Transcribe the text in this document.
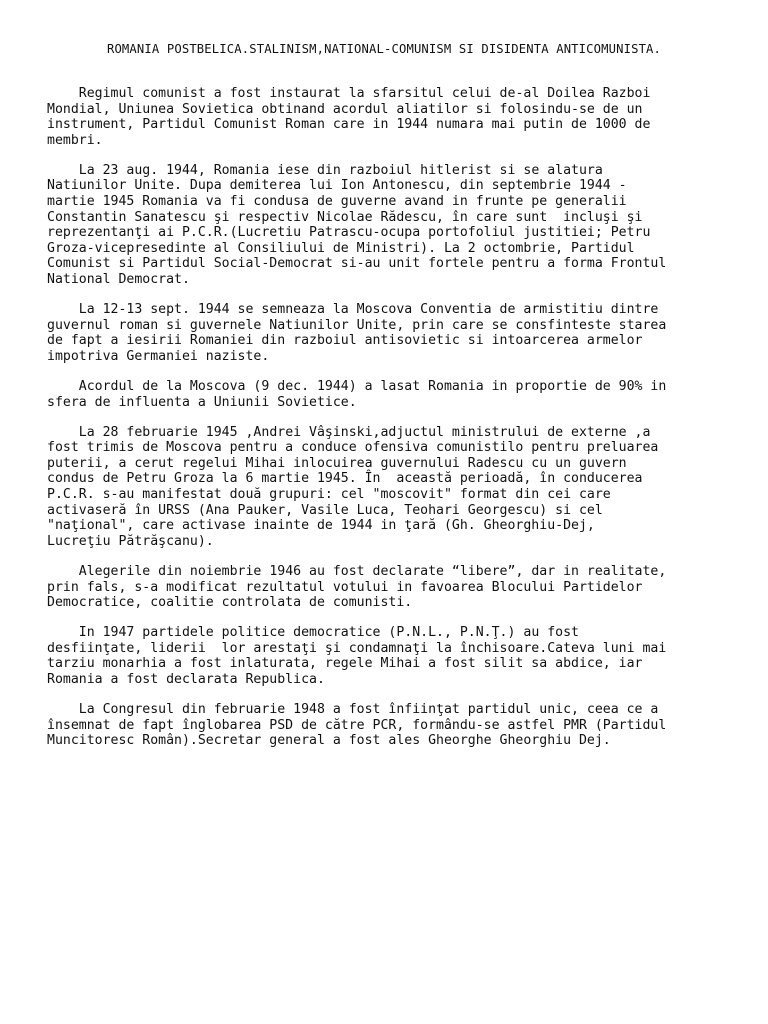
ROMANIA POSTBELICA.STALINISM,NATIONAL-COMUNISM SI DISIDENTA ANTICOMUNISTA.

Regimul comunist a fost instaurat la sfarsitul celui de-al Doilea Razboi
Mondial, Uniunea Sovietica obtinand acordul aliatilor si folosindu-se de un
instrument, Partidul Comunist Roman care in 1944 numara mai putin de 1000 de
membri.

La 23 aug. 1944, Romania iese din razboiul hitlerist si se alatura
Natiunilor Unite. Dupa demiterea lui Ion Antonescu, din septembrie 1944 -
martie 1945 Romania va fi condusa de guverne avand in frunte pe generalii
Constantin Sanatescu şi respectiv Nicolae Rădescu, în care sunt  incluşi şi
reprezentanţi ai P.C.R.(Lucretiu Patrascu-ocupa portofoliul justitiei; Petru
Groza-vicepresedinte al Consiliului de Ministri). La 2 octombrie, Partidul
Comunist si Partidul Social-Democrat si-au unit fortele pentru a forma Frontul
National Democrat.

La 12-13 sept. 1944 se semneaza la Moscova Conventia de armistitiu dintre
guvernul roman si guvernele Natiunilor Unite, prin care se consfinteste starea
de fapt a iesirii Romaniei din razboiul antisovietic si intoarcerea armelor
impotriva Germaniei naziste.

Acordul de la Moscova (9 dec. 1944) a lasat Romania in proportie de 90% in
sfera de influenta a Uniunii Sovietice.

La 28 februarie 1945 ,Andrei Vâşinski,adjuctul ministrului de externe ,a
fost trimis de Moscova pentru a conduce ofensiva comunistilo pentru preluarea
puterii, a cerut regelui Mihai inlocuirea guvernului Radescu cu un guvern
condus de Petru Groza la 6 martie 1945. În  această perioadă, în conducerea
P.C.R. s-au manifestat două grupuri: cel "moscovit" format din cei care
activaseră în URSS (Ana Pauker, Vasile Luca, Teohari Georgescu) si cel
"naţional", care activase inainte de 1944 in ţară (Gh. Gheorghiu-Dej,
Lucreţiu Pătrăşcanu).

Alegerile din noiembrie 1946 au fost declarate “libere”, dar in realitate,
prin fals, s-a modificat rezultatul votului in favoarea Blocului Partidelor
Democratice, coalitie controlata de comunisti.

In 1947 partidele politice democratice (P.N.L., P.N.Ţ.) au fost
desfiinţate, liderii  lor arestaţi şi condamnaţi la închisoare.Cateva luni mai
tarziu monarhia a fost inlaturata, regele Mihai a fost silit sa abdice, iar
Romania a fost declarata Republica.

La Congresul din februarie 1948 a fost înfiinţat partidul unic, ceea ce a
însemnat de fapt înglobarea PSD de către PCR, formându-se astfel PMR (Partidul
Muncitoresc Român).Secretar general a fost ales Gheorghe Gheorghiu Dej.
